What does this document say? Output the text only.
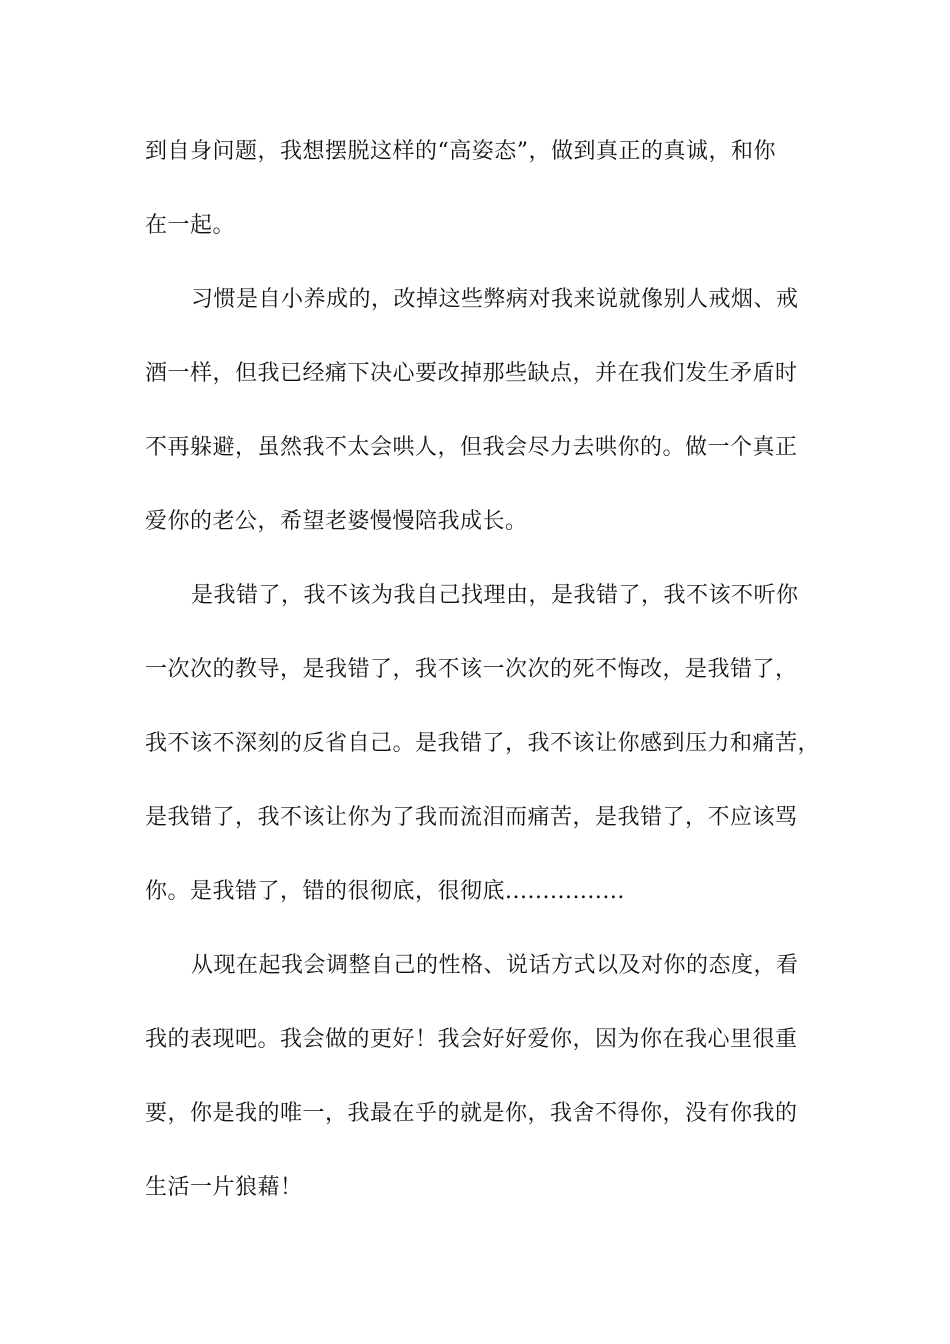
到自身问题，我想摆脱这样的“高姿态”，做到真正的真诚，和你
在一起。
习惯是自小养成的，改掉这些弊病对我来说就像别人戒烟、戒
酒一样，但我已经痛下决心要改掉那些缺点，并在我们发生矛盾时
不再躲避，虽然我不太会哄人，但我会尽力去哄你的。做一个真正
爱你的老公，希望老婆慢慢陪我成长。
是我错了，我不该为我自己找理由，是我错了，我不该不听你
一次次的教导，是我错了，我不该一次次的死不悔改，是我错了，
我不该不深刻的反省自己。是我错了，我不该让你感到压力和痛苦，
是我错了，我不该让你为了我而流泪而痛苦，是我错了，不应该骂
你。是我错了，错的很彻底，很彻底................
从现在起我会调整自己的性格、说话方式以及对你的态度，看
我的表现吧。我会做的更好！我会好好爱你，因为你在我心里很重
要，你是我的唯一，我最在乎的就是你，我舍不得你，没有你我的
生活一片狼藉！
